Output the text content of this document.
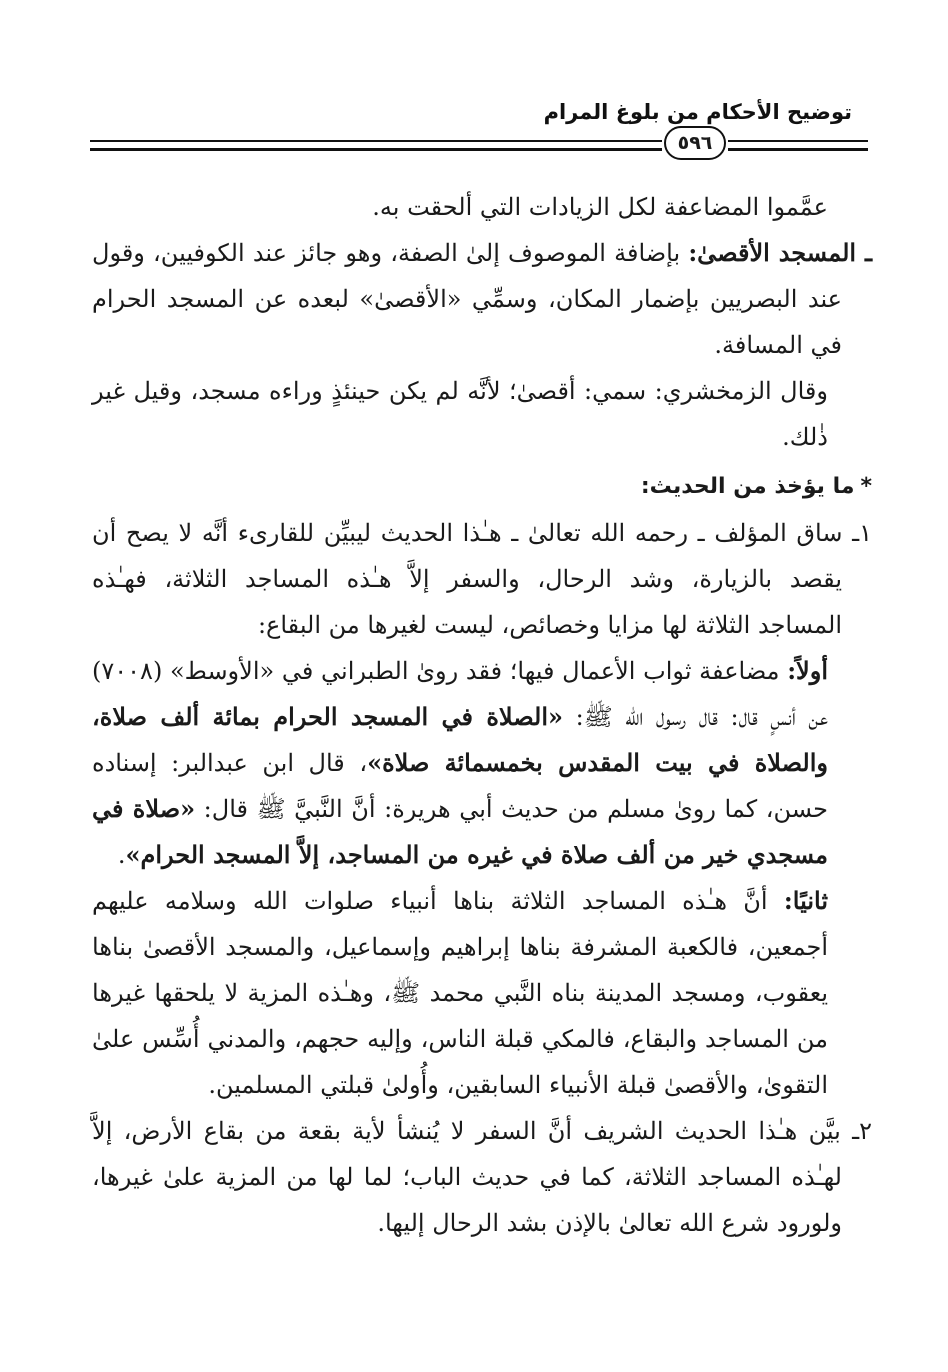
توضيح الأحكام من بلوغ المرام
٥٩٦

عمَّموا المضاعفة لكل الزيادات التي ألحقت به.

ـ المسجد الأقصىٰ: بإضافة الموصوف إلىٰ الصفة، وهو جائز عند الكوفيين، وقول عند البصريين بإضمار المكان، وسمِّي «الأقصىٰ» لبعده عن المسجد الحرام في المسافة.

وقال الزمخشري: سمي: أقصىٰ؛ لأنَّه لم يكن حينئذٍ وراءه مسجد، وقيل غير ذٰلك.

*ما يؤخذ من الحديث:

١ـ ساق المؤلف ـ رحمه الله تعالىٰ ـ هـٰذا الحديث ليبيِّن للقارىء أنَّه لا يصح أن يقصد بالزيارة، وشد الرحال، والسفر إلاَّ هـٰذه المساجد الثلاثة، فهـٰذه المساجد الثلاثة لها مزايا وخصائص، ليست لغيرها من البقاع:

أولاً: مضاعفة ثواب الأعمال فيها؛ فقد روىٰ الطبراني في «الأوسط» (٧٠٠٨) عن أنسٍ قال: قال رسول الله ﷺ: «الصلاة في المسجد الحرام بمائة ألف صلاة، والصلاة في بيت المقدس بخمسمائة صلاة»، قال ابن عبدالبر: إسناده حسن، كما روىٰ مسلم من حديث أبي هريرة: أنَّ النَّبيَّ ﷺ قال: «صلاة في مسجدي خير من ألف صلاة في غيره من المساجد، إلاَّ المسجد الحرام».

ثانيًا: أنَّ هـٰذه المساجد الثلاثة بناها أنبياء صلوات الله وسلامه عليهم أجمعين، فالكعبة المشرفة بناها إبراهيم وإسماعيل، والمسجد الأقصىٰ بناها يعقوب، ومسجد المدينة بناه النَّبي محمد ﷺ، وهـٰذه المزية لا يلحقها غيرها من المساجد والبقاع، فالمكي قبلة الناس، وإليه حجهم، والمدني أُسِّس علىٰ التقوىٰ، والأقصىٰ قبلة الأنبياء السابقين، وأُولىٰ قبلتي المسلمين.

٢ـ بيَّن هـٰذا الحديث الشريف أنَّ السفر لا يُنشأ لأية بقعة من بقاع الأرض، إلاَّ لهـٰذه المساجد الثلاثة، كما في حديث الباب؛ لما لها من المزية علىٰ غيرها، ولورود شرع الله تعالىٰ بالإذن بشد الرحال إليها.
